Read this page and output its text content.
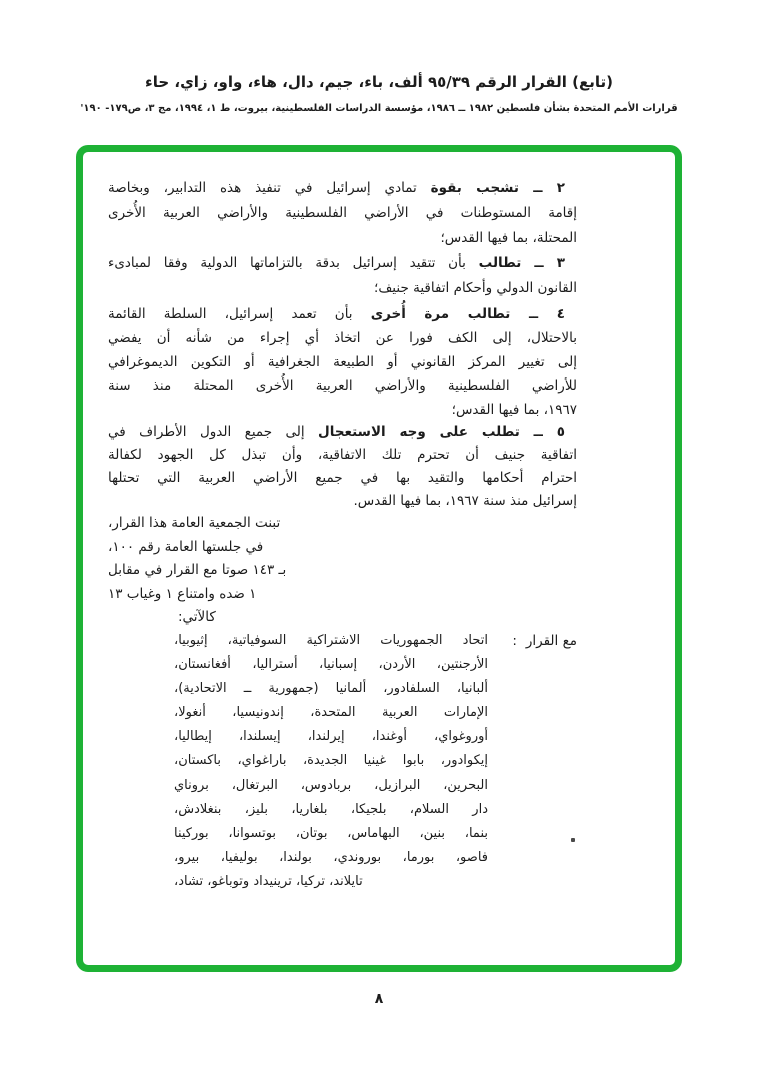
(تابع) القرار الرقم ٩٥/٣٩ ألف، باء، جيم، دال، هاء، واو، زاي، حاء
قرارات الأمم المتحدة بشأن فلسطين ١٩٨٢ ــ ١٩٨٦، مؤسسة الدراسات الفلسطينية، بيروت، ط ١، ١٩٩٤، مج ٣، ص١٧٩- ١٩٠'
٢ ــ تشجب بقوة تمادي إسرائيل في تنفيذ هذه التدابير، وبخاصة
إقامة المستوطنات في الأراضي الفلسطينية والأراضي العربية الأُخرى
المحتلة، بما فيها القدس؛
٣ ــ تطالب بأن تتقيد إسرائيل بدقة بالتزاماتها الدولية وفقا لمبادىء
القانون الدولي وأحكام اتفاقية جنيف؛
٤ ــ تطالب مرة أُخرى بأن تعمد إسرائيل، السلطة القائمة
بالاحتلال، إلى الكف فورا عن اتخاذ أي إجراء من شأنه أن يفضي
إلى تغيير المركز القانوني أو الطبيعة الجغرافية أو التكوين الديموغرافي
للأراضي الفلسطينية والأراضي العربية الأُخرى المحتلة منذ سنة
١٩٦٧، بما فيها القدس؛
٥ ــ تطلب على وجه الاستعجال إلى جميع الدول الأطراف في
اتفاقية جنيف أن تحترم تلك الاتفاقية، وأن تبذل كل الجهود لكفالة
احترام أحكامها والتقيد بها في جميع الأراضي العربية التي تحتلها
إسرائيل منذ سنة ١٩٦٧، بما فيها القدس.
تبنت الجمعية العامة هذا القرار،
في جلستها العامة رقم ١٠٠،
بـ ١٤٣ صوتا مع القرار في مقابل
١ ضده وامتناع ١ وغياب ١٣
كالآتي:
مع القرار
:
اتحاد الجمهوريات الاشتراكية السوفياتية، إثيوبيا،
الأرجنتين، الأردن، إسبانيا، أستراليا، أفغانستان،
ألبانيا، السلفادور، ألمانيا (جمهورية ــ الاتحادية)،
الإمارات العربية المتحدة، إندونيسيا، أنغولا،
أوروغواي، أوغندا، إيرلندا، إيسلندا، إيطاليا،
إيكوادور، بابوا غينيا الجديدة، باراغواي، باكستان،
البحرين، البرازيل، بربادوس، البرتغال، بروناي
دار السلام، بلجيكا، بلغاريا، بليز، بنغلادش،
بنما، بنين، البهاماس، بوتان، بوتسوانا، بوركينا
فاصو، بورما، بوروندي، بولندا، بوليفيا، بيرو،
تايلاند، تركيا، ترينيداد وتوباغو، تشاد،
٨
